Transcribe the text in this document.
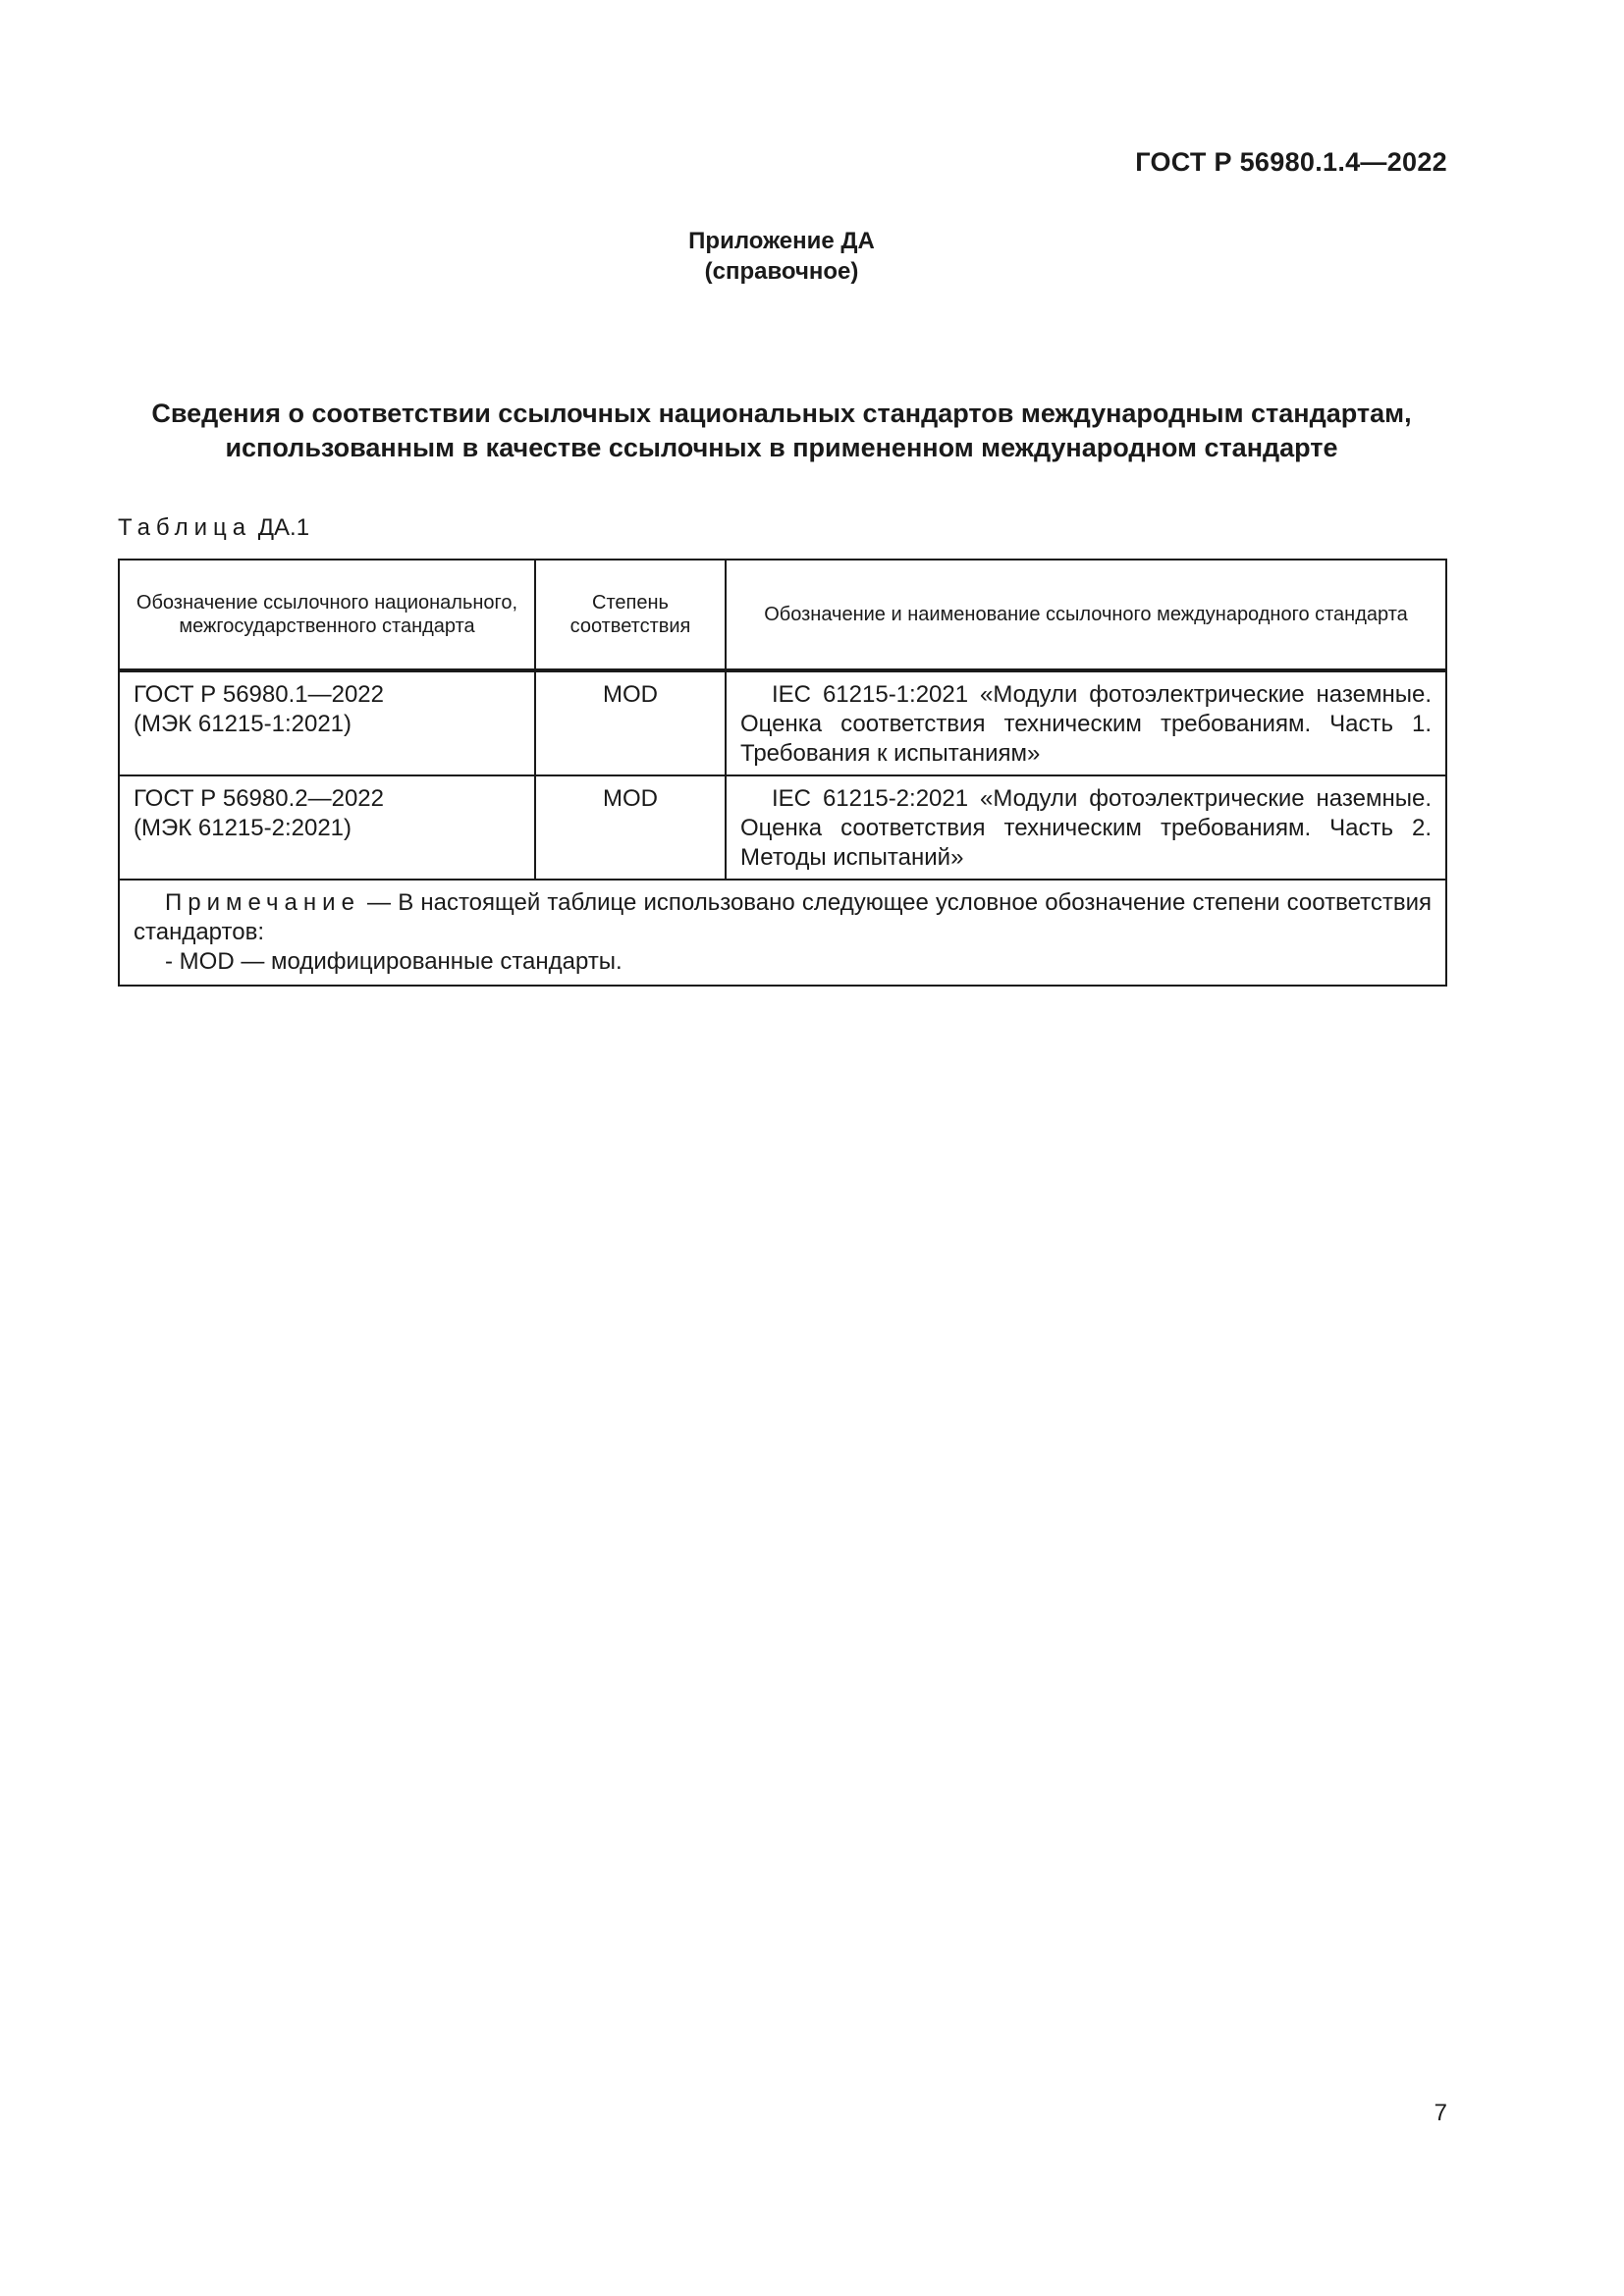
ГОСТ Р 56980.1.4—2022
Приложение ДА
(справочное)
Сведения о соответствии ссылочных национальных стандартов международным стандартам,
использованным в качестве ссылочных в примененном международном стандарте
Таблица ДА.1
Обозначение ссылочного национального, межгосударственного стандарта	Степень соответствия	Обозначение и наименование ссылочного международного стандарта

ГОСТ Р 56980.1—2022
(МЭК 61215-1:2021)	MOD	IEC 61215-1:2021 «Модули фотоэлектрические наземные. Оценка соответствия техническим требованиям. Часть 1. Требования к испытаниям»

ГОСТ Р 56980.2—2022
(МЭК 61215-2:2021)	MOD	IEC 61215-2:2021 «Модули фотоэлектрические наземные. Оценка соответствия техническим требованиям. Часть 2. Методы испытаний»

Примечание — В настоящей таблице использовано следующее условное обозначение степени соответствия стандартов:
- MOD — модифицированные стандарты.		
7
